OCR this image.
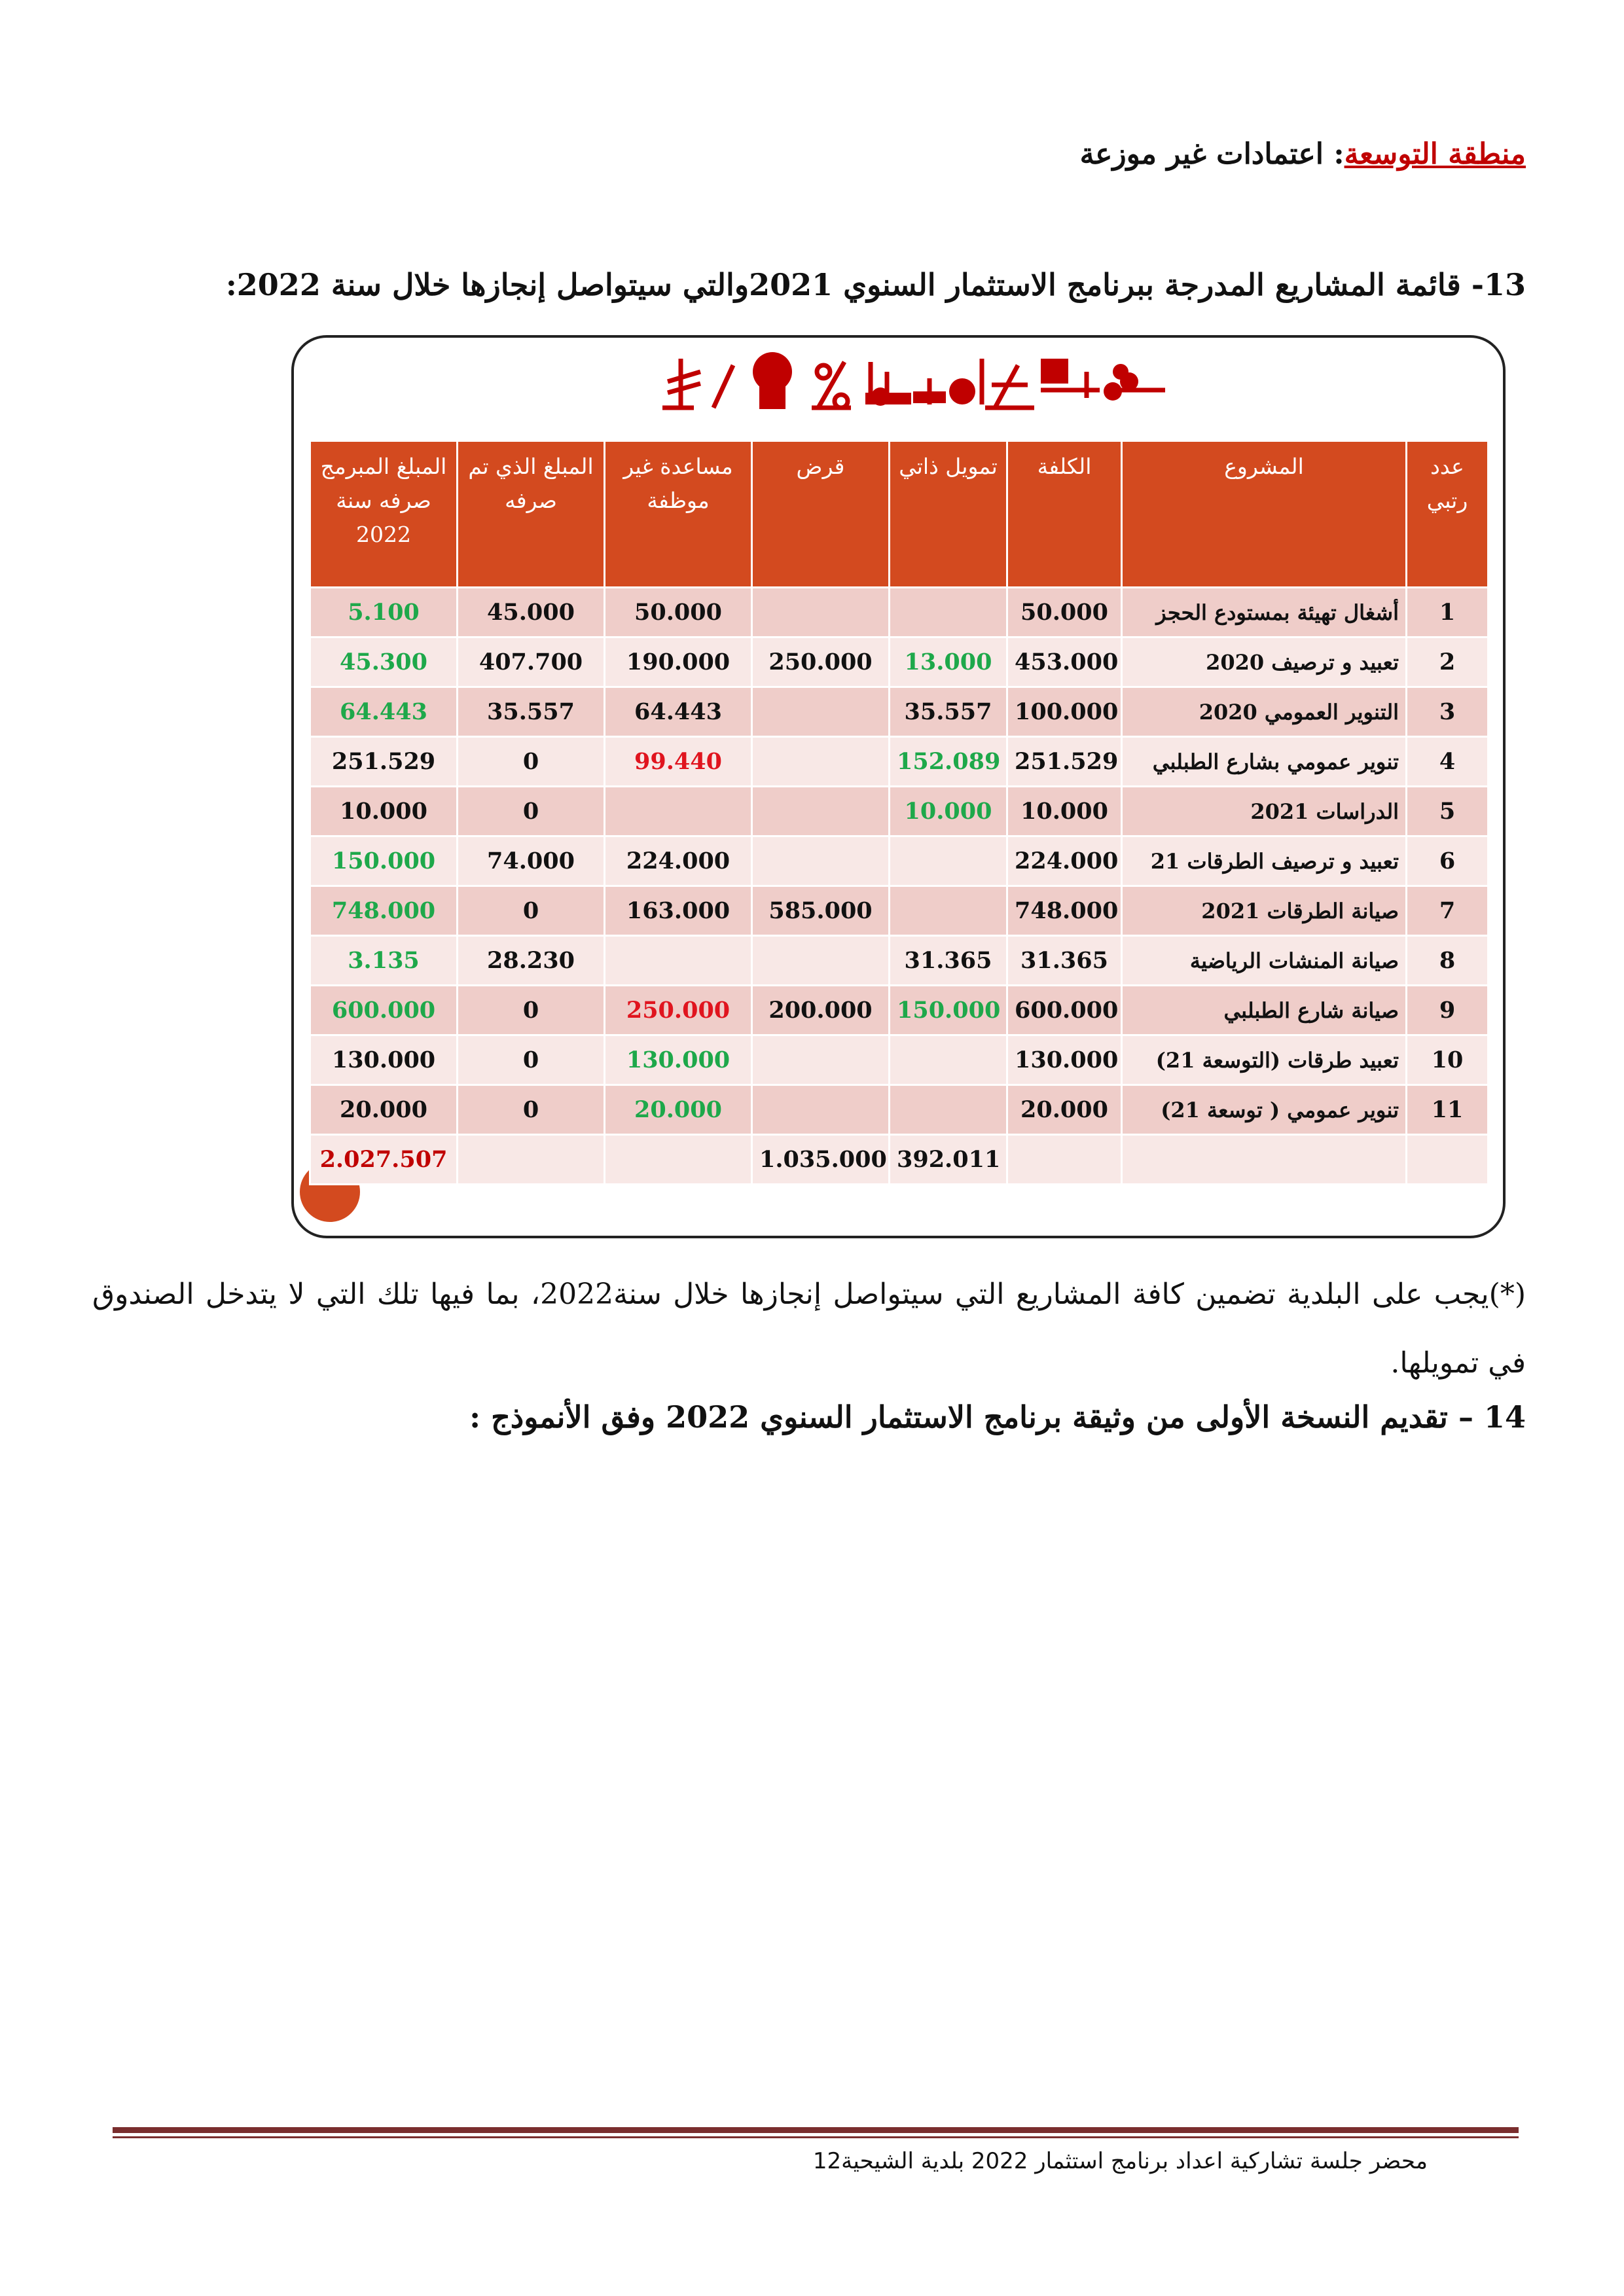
منطقة التوسعة: اعتمادات غير موزعة
13- قائمة المشاريع المدرجة ببرنامج الاستثمار السنوي 2021والتي سيتواصل إنجازها خلال سنة 2022:
عدد رتبي	المشروع	الكلفة	تمويل ذاتي	قرض	مساعدة غير موظفة	المبلغ الذي تم صرفه	المبلغ المبرمج صرفه سنة 2022
1	أشغال تهيئة بمستودع الحجز	50.000			50.000	45.000	5.100
2	تعبيد و ترصيف 2020	453.000	13.000	250.000	190.000	407.700	45.300
3	التنوير العمومي 2020	100.000	35.557		64.443	35.557	64.443
4	تنوير عمومي بشارع الطبلبي	251.529	152.089		99.440	0	251.529
5	الدراسات 2021	10.000	10.000			0	10.000
6	تعبيد و ترصيف الطرقات 21	224.000			224.000	74.000	150.000
7	صيانة الطرقات 2021	748.000		585.000	163.000	0	748.000
8	صيانة المنشات الرياضية	31.365	31.365			28.230	3.135
9	صيانة شارع الطبلبي	600.000	150.000	200.000	250.000	0	600.000
10	تعبيد طرقات (التوسعة 21)	130.000			130.000	0	130.000
11	تنوير عمومي ( توسعة 21)	20.000			20.000	0	20.000
			392.011	1.035.000			2.027.507
(*)يجب على البلدية تضمين كافة المشاريع التي سيتواصل إنجازها خلال سنة2022، بما فيها تلك التي لا يتدخل الصندوق في تمويلها.
14 – تقديم النسخة الأولى من وثيقة برنامج الاستثمار السنوي 2022 وفق الأنموذج :
محضر جلسة تشاركية اعداد برنامج استثمار 2022 بلدية الشيحية12
